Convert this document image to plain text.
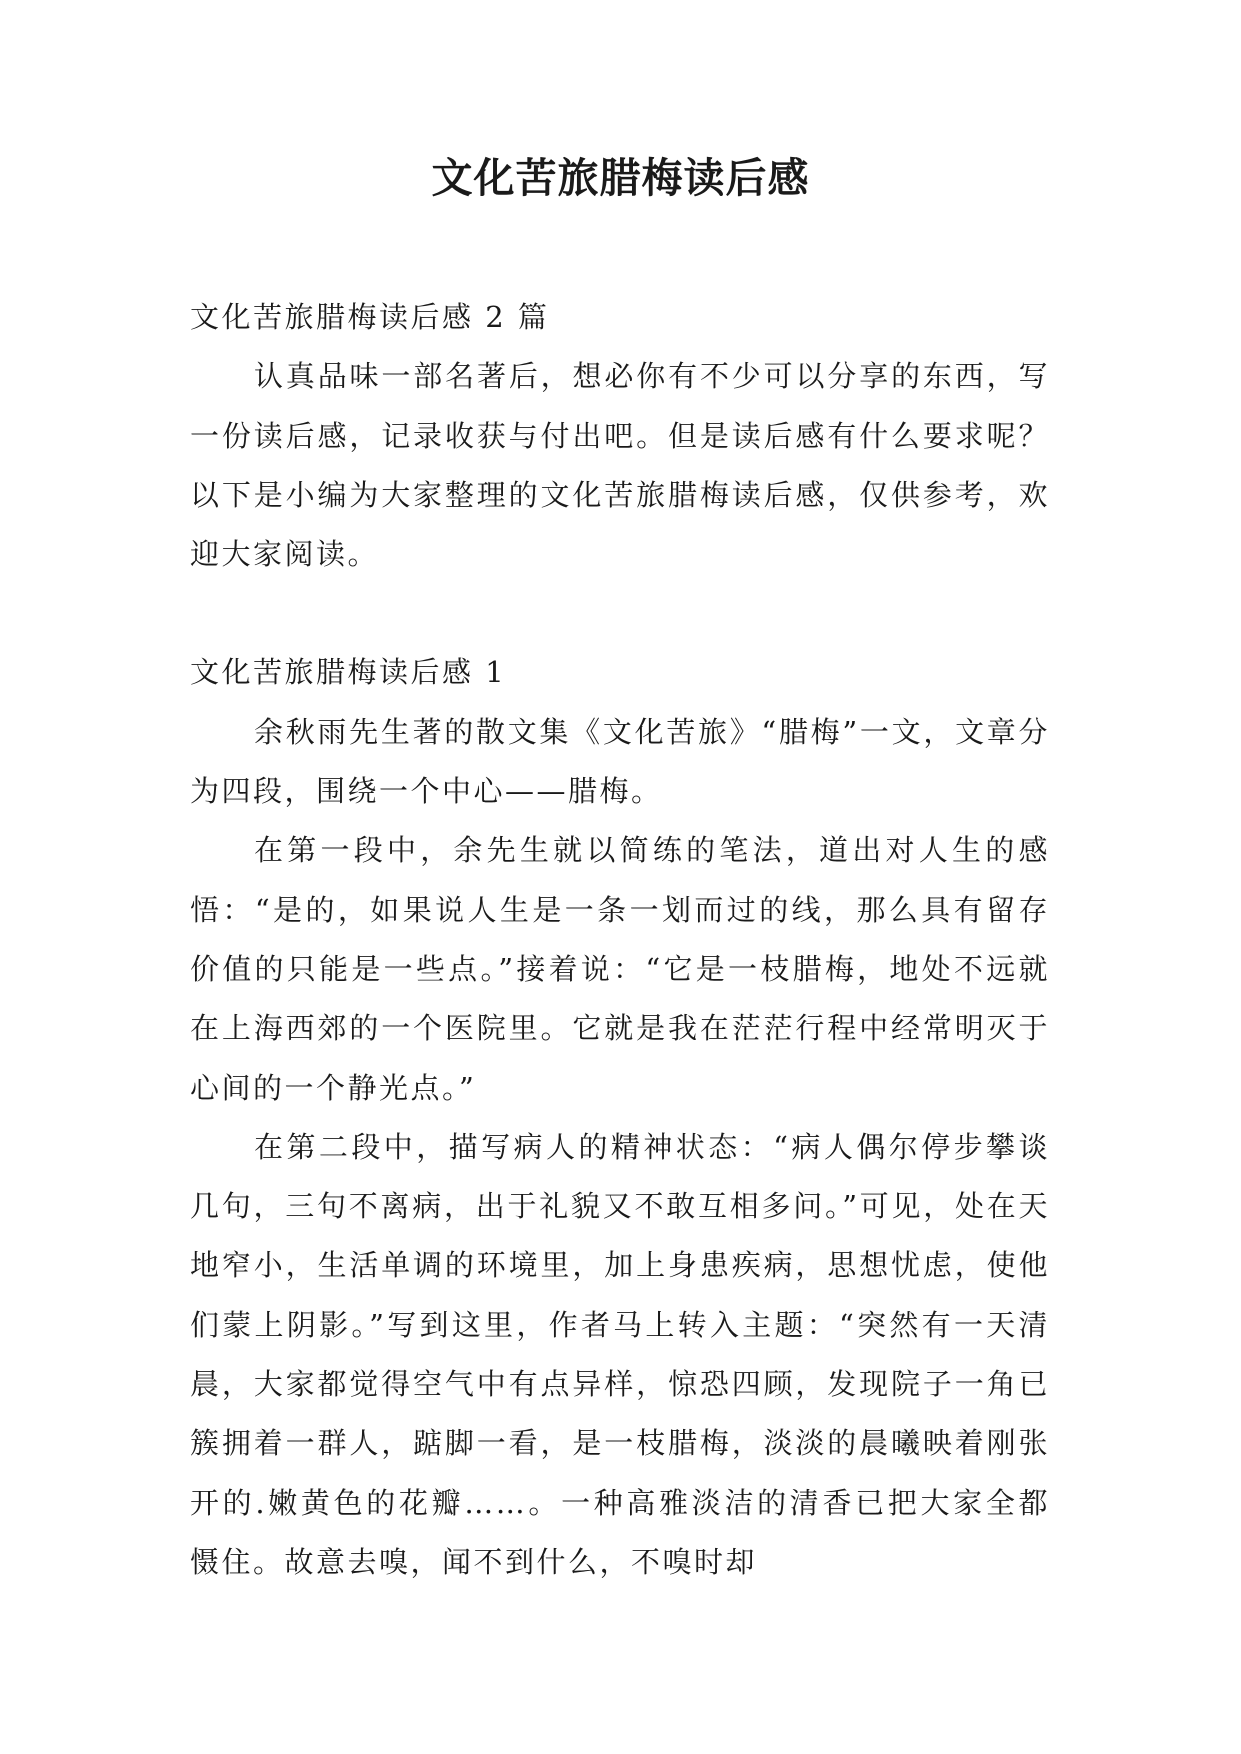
文化苦旅腊梅读后感

文化苦旅腊梅读后感 2 篇

认真品味一部名著后，想必你有不少可以分享的东西，写一份读后感，记录收获与付出吧。但是读后感有什么要求呢？以下是小编为大家整理的文化苦旅腊梅读后感，仅供参考，欢迎大家阅读。

文化苦旅腊梅读后感 1

余秋雨先生著的散文集《文化苦旅》“腊梅”一文，文章分为四段，围绕一个中心——腊梅。

在第一段中，余先生就以简练的笔法，道出对人生的感悟：“是的，如果说人生是一条一划而过的线，那么具有留存价值的只能是一些点。”接着说：“它是一枝腊梅，地处不远就在上海西郊的一个医院里。它就是我在茫茫行程中经常明灭于心间的一个静光点。”

在第二段中，描写病人的精神状态：“病人偶尔停步攀谈几句，三句不离病，出于礼貌又不敢互相多问。”可见，处在天地窄小，生活单调的环境里，加上身患疾病，思想忧虑，使他们蒙上阴影。”写到这里，作者马上转入主题：“突然有一天清晨，大家都觉得空气中有点异样，惊恐四顾，发现院子一角已簇拥着一群人，踮脚一看，是一枝腊梅，淡淡的晨曦映着刚张开的.嫩黄色的花瓣……。一种高雅淡洁的清香已把大家全都慑住。故意去嗅，闻不到什么，不嗅时却
